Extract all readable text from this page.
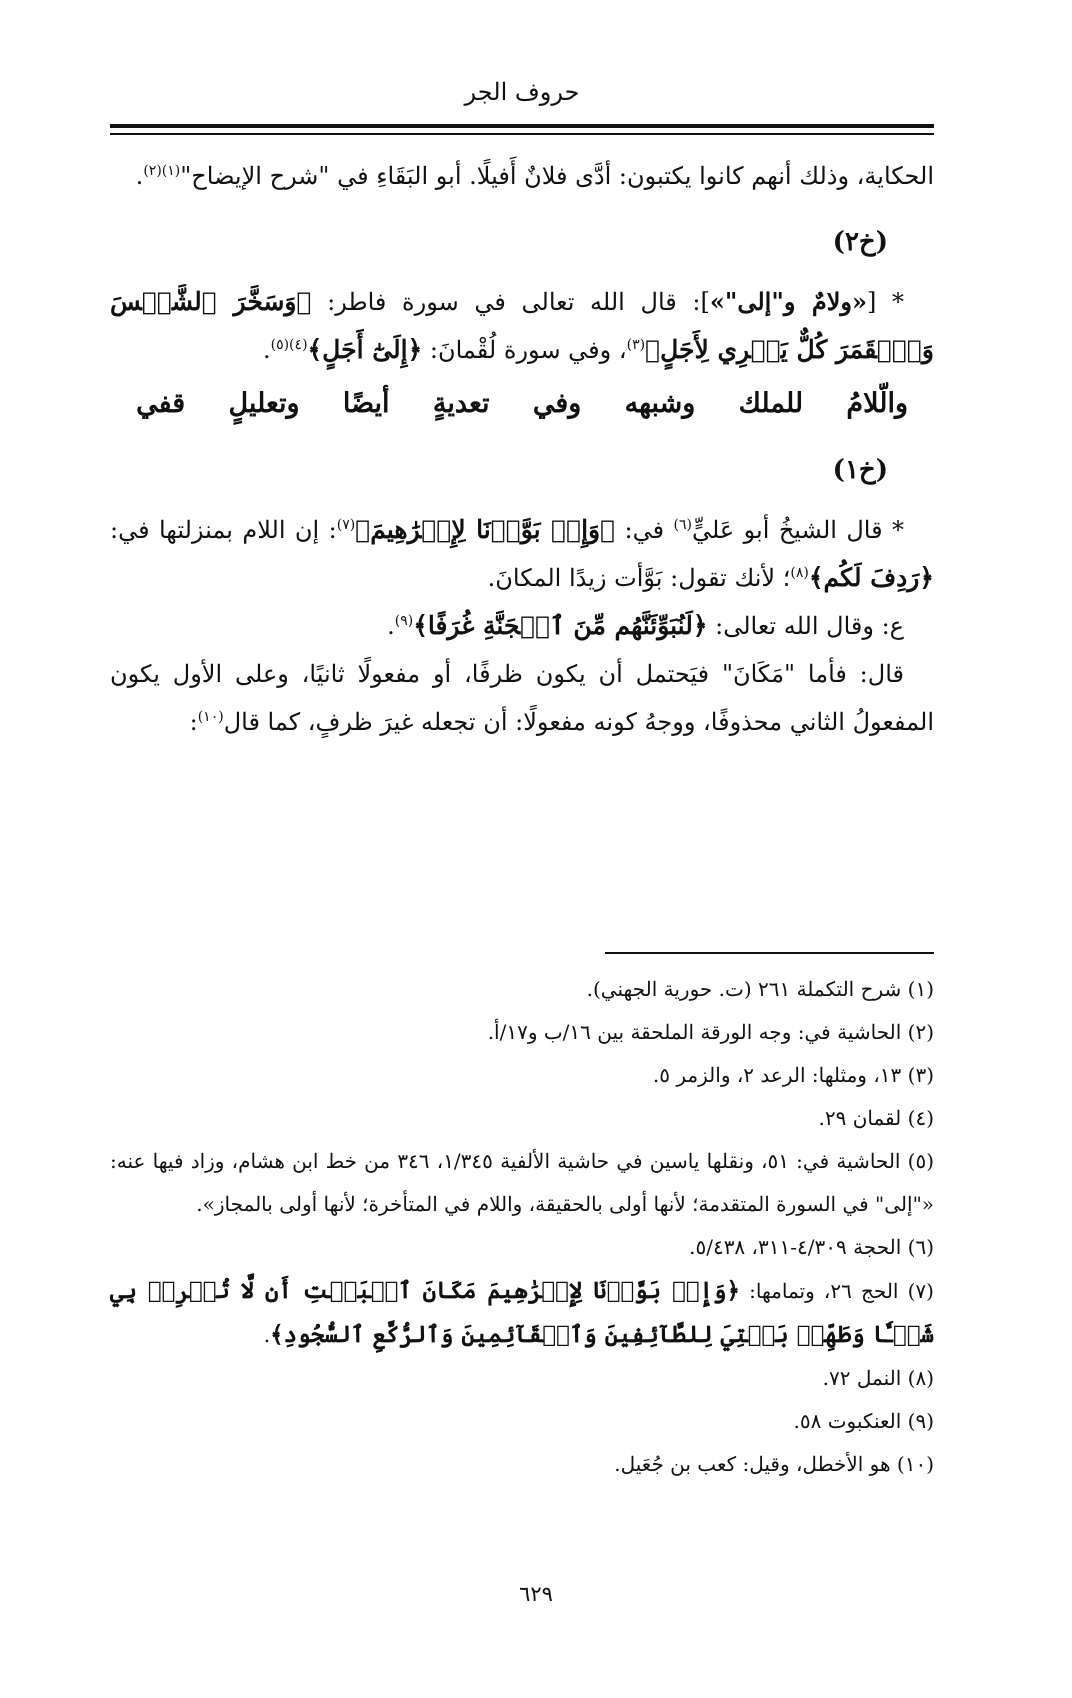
حروف الجر

الحكاية، وذلك أنهم كانوا يكتبون: أدَّى فلانٌ أَفيلًا. أبو البَقَاءِ في "شرح الإيضاح"$^{(١)(٢)}$.

(خ٢)

* [«ولامٌ و"إلى"»]: قال الله تعالى في سورة فاطر: ﴿وَسَخَّرَ ٱلشَّمۡسَ وَٱلۡقَمَرَ كُلٌّ يَجۡرِي لِأَجَلٍ﴾$^{(٣)}$، وفي سورة لُقْمانَ: ﴿إِلَىٰٓ أَجَلٍ﴾$^{(٤)(٥)}$.

والّلامُ
للملك
وشبهه
وفي
تعديةٍ
أيضًا
وتعليلٍ
قفي
(خ١)

* قال الشيخُ أبو عَليٍّ$^{(٦)}$ في: ﴿وَإِذۡ بَوَّأۡنَا لِإِبۡرَٰهِيمَ﴾$^{(٧)}$: إن اللام بمنزلتها في: ﴿رَدِفَ لَكُم﴾$^{(٨)}$؛ لأنك تقول: بَوَّأت زيدًا المكانَ.

ع: وقال الله تعالى: ﴿لَنُبَوِّئَنَّهُم مِّنَ ٱلۡجَنَّةِ غُرَفًا﴾$^{(٩)}$.

قال: فأما "مَكَانَ" فيَحتمل أن يكون ظرفًا، أو مفعولًا ثانيًا، وعلى الأول يكون المفعولُ الثاني محذوفًا، ووجهُ كونه مفعولًا: أن تجعله غيرَ ظرفٍ، كما قال$^{(١٠)}$:

(١) شرح التكملة ٢٦١ (ت. حورية الجهني).

(٢) الحاشية في: وجه الورقة الملحقة بين ١٦/ب و١٧/أ.

(٣) ١٣، ومثلها: الرعد ٢، والزمر ٥.

(٤) لقمان ٢٩.

(٥) الحاشية في: ٥١، ونقلها ياسين في حاشية الألفية ١/٣٤٥، ٣٤٦ من خط ابن هشام، وزاد فيها عنه: «"إلى" في السورة المتقدمة؛ لأنها أولى بالحقيقة، واللام في المتأخرة؛ لأنها أولى بالمجاز».

(٦) الحجة ٤/٣٠٩-٣١١، ٥/٤٣٨.

(٧) الحج ٢٦، وتمامها: ﴿وَإِذۡ بَوَّأۡنَا لِإِبۡرَٰهِيمَ مَكَانَ ٱلۡبَيۡتِ أَن لَّا تُشۡرِكۡ بِي شَيۡـٔٗا وَطَهِّرۡ بَيۡتِيَ لِلطَّآئِفِينَ وَٱلۡقَآئِمِينَ وَٱلرُّكَّعِ ٱلسُّجُودِ﴾.

(٨) النمل ٧٢.

(٩) العنكبوت ٥٨.

(١٠) هو الأخطل، وقيل: كعب بن جُعَيل.

٦٢٩
